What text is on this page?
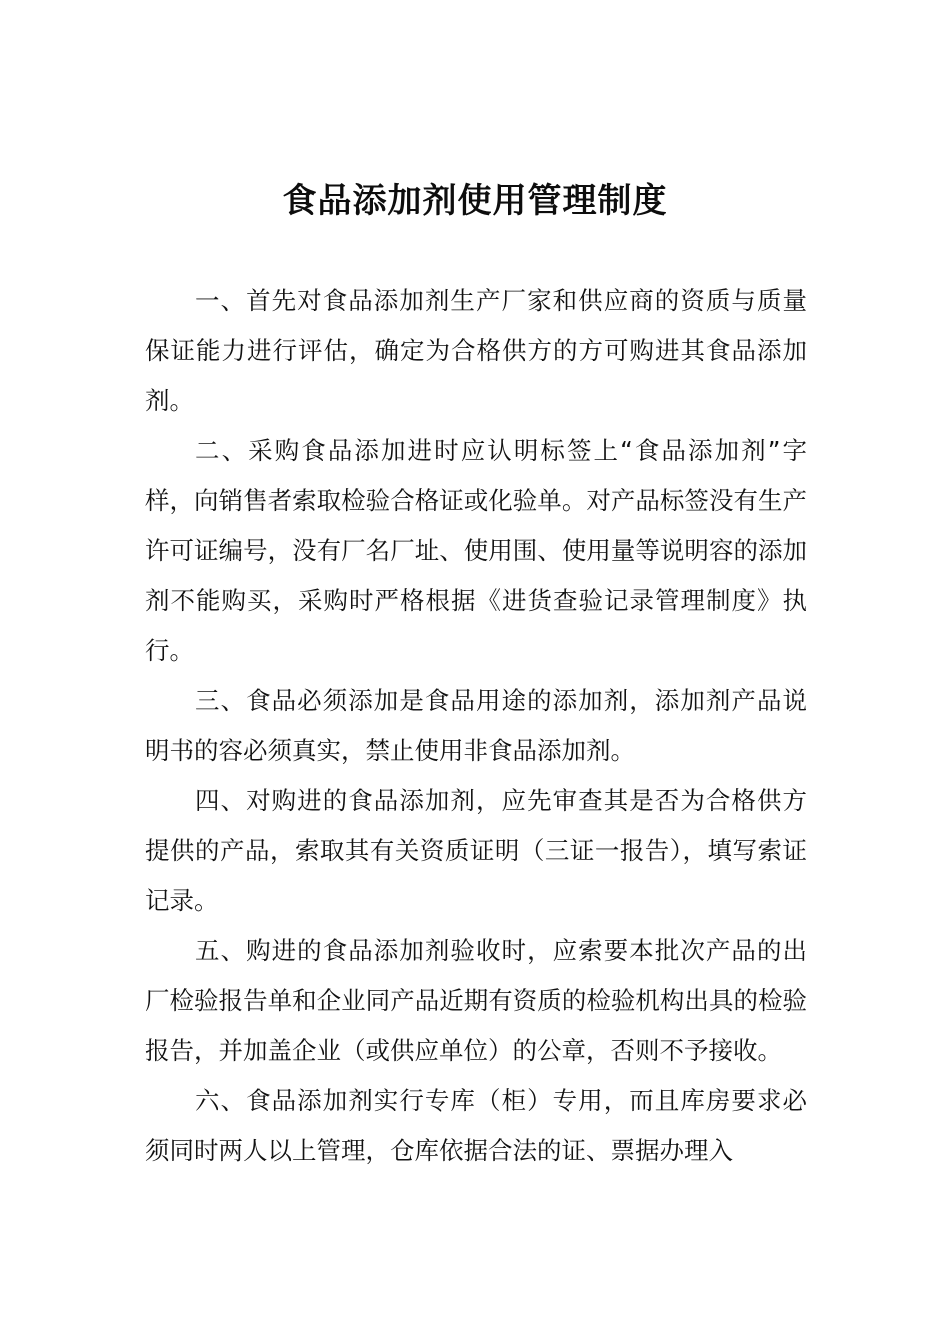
食品添加剂使用管理制度

一、首先对食品添加剂生产厂家和供应商的资质与质量保证能力进行评估，确定为合格供方的方可购进其食品添加剂。

二、采购食品添加进时应认明标签上“食品添加剂”字样，向销售者索取检验合格证或化验单。对产品标签没有生产许可证编号，没有厂名厂址、使用围、使用量等说明容的添加剂不能购买，采购时严格根据《进货查验记录管理制度》执行。

三、食品必须添加是食品用途的添加剂，添加剂产品说明书的容必须真实，禁止使用非食品添加剂。

四、对购进的食品添加剂，应先审查其是否为合格供方提供的产品，索取其有关资质证明（三证一报告），填写索证记录。

五、购进的食品添加剂验收时，应索要本批次产品的出厂检验报告单和企业同产品近期有资质的检验机构出具的检验报告，并加盖企业（或供应单位）的公章，否则不予接收。

六、食品添加剂实行专库（柜）专用，而且库房要求必须同时两人以上管理，仓库依据合法的证、票据办理入
